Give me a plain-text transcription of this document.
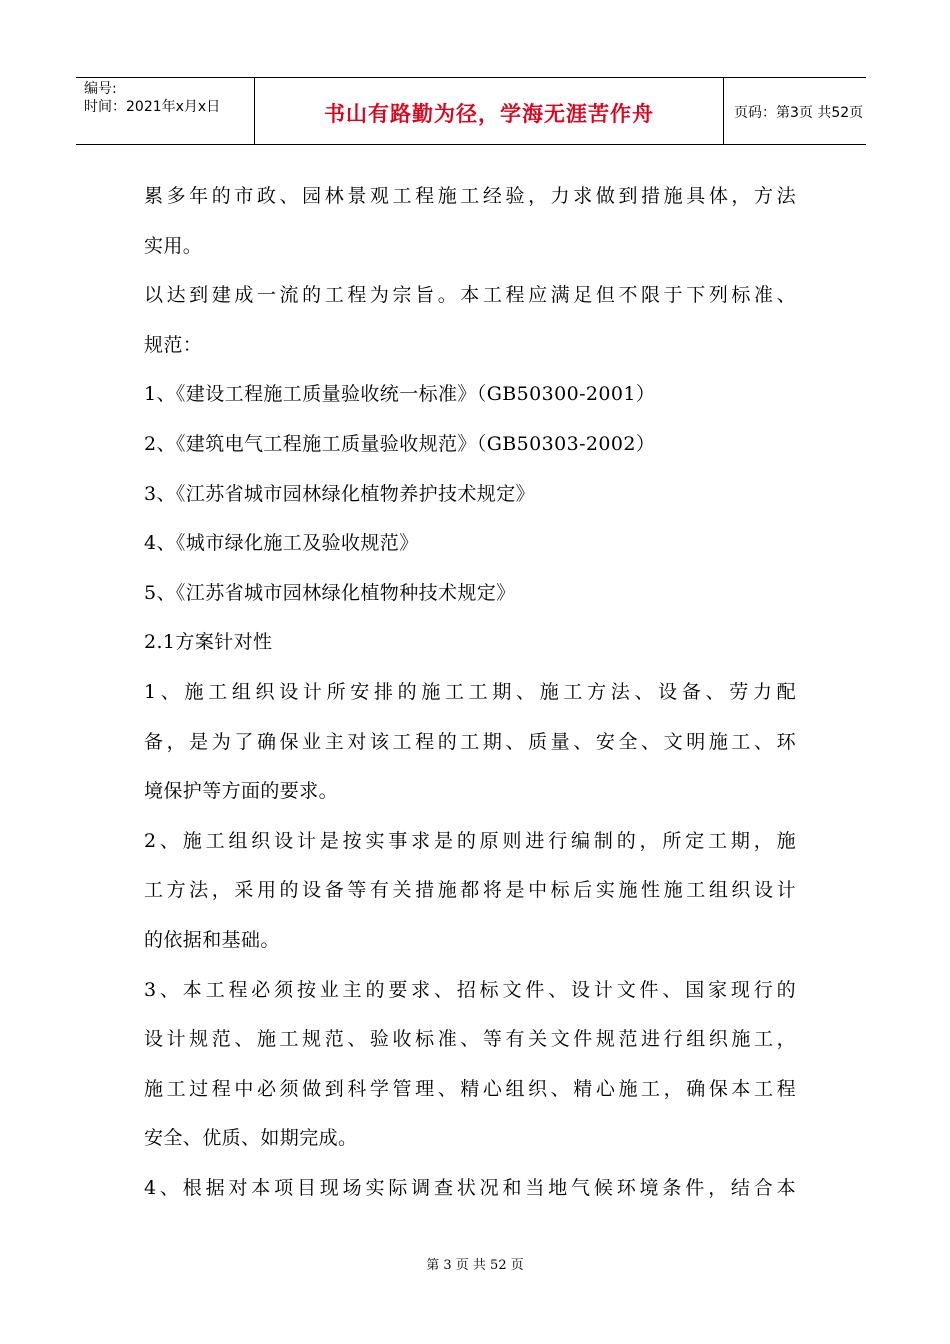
编号:
时间：2021年x月x日	书山有路勤为径，学海无涯苦作舟	页码：第3页 共52页
累多年的市政、园林景观工程施工经验，力求做到措施具体，方法
实用。
以达到建成一流的工程为宗旨。本工程应满足但不限于下列标准、
规范：
1、《建设工程施工质量验收统一标准》（GB50300-2001）
2、《建筑电气工程施工质量验收规范》（GB50303-2002）
3、《江苏省城市园林绿化植物养护技术规定》
4、《城市绿化施工及验收规范》
5、《江苏省城市园林绿化植物种技术规定》
2.1方案针对性
1、施工组织设计所安排的施工工期、施工方法、设备、劳力配
备，是为了确保业主对该工程的工期、质量、安全、文明施工、环
境保护等方面的要求。
2、施工组织设计是按实事求是的原则进行编制的，所定工期，施
工方法，采用的设备等有关措施都将是中标后实施性施工组织设计
的依据和基础。
3、本工程必须按业主的要求、招标文件、设计文件、国家现行的
设计规范、施工规范、验收标准、等有关文件规范进行组织施工，
施工过程中必须做到科学管理、精心组织、精心施工，确保本工程
安全、优质、如期完成。
4、根据对本项目现场实际调查状况和当地气候环境条件，结合本
第 3 页 共 52 页
